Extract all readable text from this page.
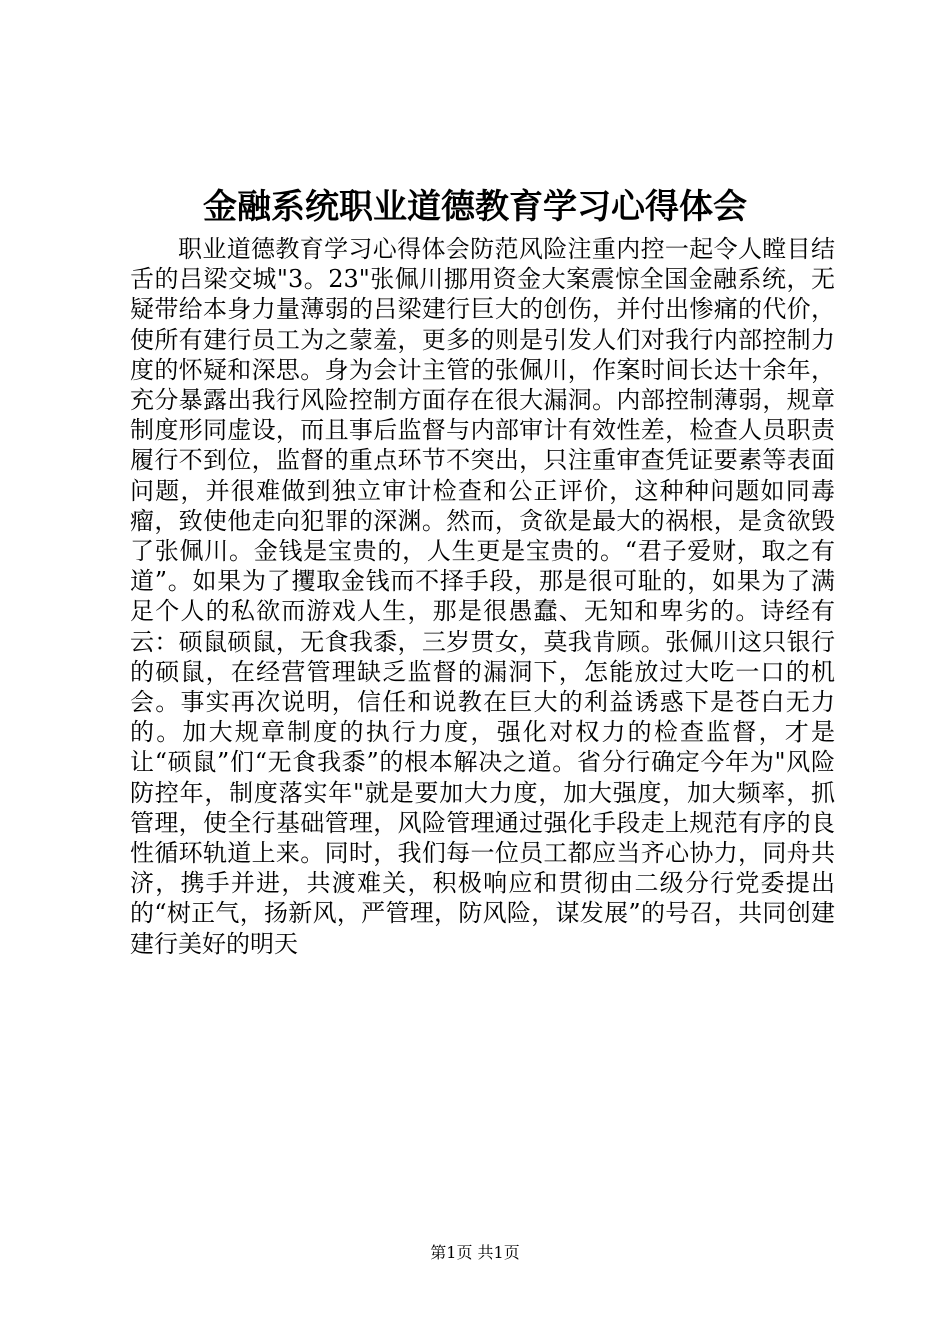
金融系统职业道德教育学习心得体会

职业道德教育学习心得体会防范风险注重内控一起令人瞠目结舌的吕梁交城"3。23"张佩川挪用资金大案震惊全国金融系统，无疑带给本身力量薄弱的吕梁建行巨大的创伤，并付出惨痛的代价，使所有建行员工为之蒙羞，更多的则是引发人们对我行内部控制力度的怀疑和深思。身为会计主管的张佩川，作案时间长达十余年，充分暴露出我行风险控制方面存在很大漏洞。内部控制薄弱，规章制度形同虚设，而且事后监督与内部审计有效性差，检查人员职责履行不到位，监督的重点环节不突出，只注重审查凭证要素等表面问题，并很难做到独立审计检查和公正评价，这种种问题如同毒瘤，致使他走向犯罪的深渊。然而，贪欲是最大的祸根，是贪欲毁了张佩川。金钱是宝贵的，人生更是宝贵的。“君子爱财，取之有道”。如果为了攫取金钱而不择手段，那是很可耻的，如果为了满足个人的私欲而游戏人生，那是很愚蠢、无知和卑劣的。诗经有云：硕鼠硕鼠，无食我黍，三岁贯女，莫我肯顾。张佩川这只银行的硕鼠，在经营管理缺乏监督的漏洞下，怎能放过大吃一口的机会。事实再次说明，信任和说教在巨大的利益诱惑下是苍白无力的。加大规章制度的执行力度，强化对权力的检查监督，才是让“硕鼠”们“无食我黍”的根本解决之道。省分行确定今年为"风险防控年，制度落实年"就是要加大力度，加大强度，加大频率，抓管理，使全行基础管理，风险管理通过强化手段走上规范有序的良性循环轨道上来。同时，我们每一位员工都应当齐心协力，同舟共济，携手并进，共渡难关，积极响应和贯彻由二级分行党委提出的“树正气，扬新风，严管理，防风险，谋发展”的号召，共同创建建行美好的明天

第1页 共1页
